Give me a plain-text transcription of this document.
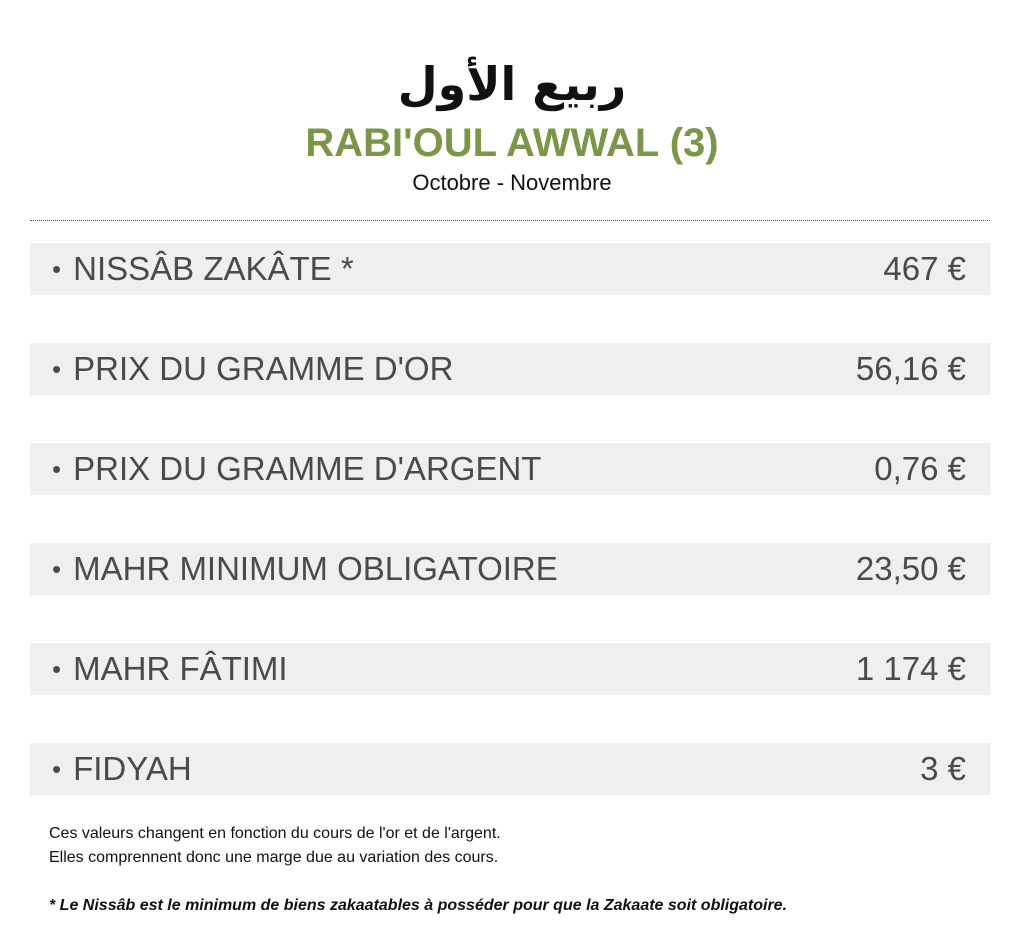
ربيع الأول
RABI'OUL AWWAL (3)
Octobre - Novembre
• NISSÂB ZAKÂTE *	467 €
• PRIX DU GRAMME D'OR	56,16 €
• PRIX DU GRAMME D'ARGENT	0,76 €
• MAHR MINIMUM OBLIGATOIRE	23,50 €
• MAHR FÂTIMI	1 174 €
• FIDYAH	3 €
Ces valeurs changent en fonction du cours de l'or et de l'argent.
Elles comprennent donc une marge due au variation des cours.
* Le Nissâb est le minimum de biens zakaatables à posséder pour que la Zakaate soit obligatoire.
